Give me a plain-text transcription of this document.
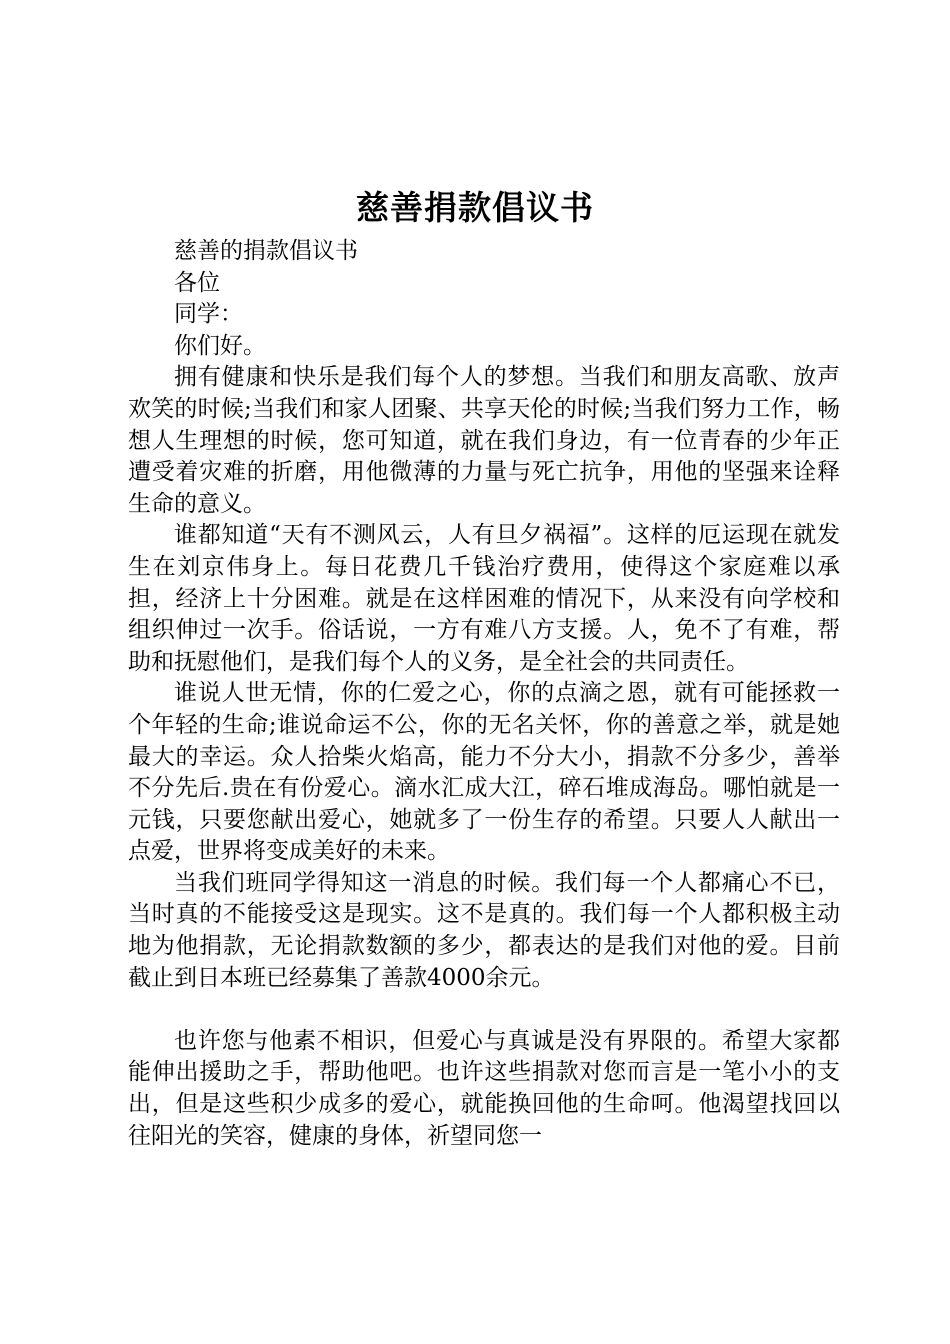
慈善捐款倡议书

慈善的捐款倡议书

各位

同学：

你们好。

拥有健康和快乐是我们每个人的梦想。当我们和朋友高歌、放声欢笑的时候;当我们和家人团聚、共享天伦的时候;当我们努力工作，畅想人生理想的时候，您可知道，就在我们身边，有一位青春的少年正遭受着灾难的折磨，用他微薄的力量与死亡抗争，用他的坚强来诠释生命的意义。

谁都知道“天有不测风云，人有旦夕祸福”。这样的厄运现在就发生在刘京伟身上。每日花费几千钱治疗费用，使得这个家庭难以承担，经济上十分困难。就是在这样困难的情况下，从来没有向学校和组织伸过一次手。俗话说，一方有难八方支援。人，免不了有难，帮助和抚慰他们，是我们每个人的义务，是全社会的共同责任。

谁说人世无情，你的仁爱之心，你的点滴之恩，就有可能拯救一个年轻的生命;谁说命运不公，你的无名关怀，你的善意之举，就是她最大的幸运。众人拾柴火焰高，能力不分大小，捐款不分多少，善举不分先后.贵在有份爱心。滴水汇成大江，碎石堆成海岛。哪怕就是一元钱，只要您献出爱心，她就多了一份生存的希望。只要人人献出一点爱，世界将变成美好的未来。

当我们班同学得知这一消息的时候。我们每一个人都痛心不已，当时真的不能接受这是现实。这不是真的。我们每一个人都积极主动地为他捐款，无论捐款数额的多少，都表达的是我们对他的爱。目前截止到日本班已经募集了善款4000余元。

也许您与他素不相识，但爱心与真诚是没有界限的。希望大家都能伸出援助之手，帮助他吧。也许这些捐款对您而言是一笔小小的支出，但是这些积少成多的爱心，就能换回他的生命呵。他渴望找回以往阳光的笑容，健康的身体，祈望同您一
